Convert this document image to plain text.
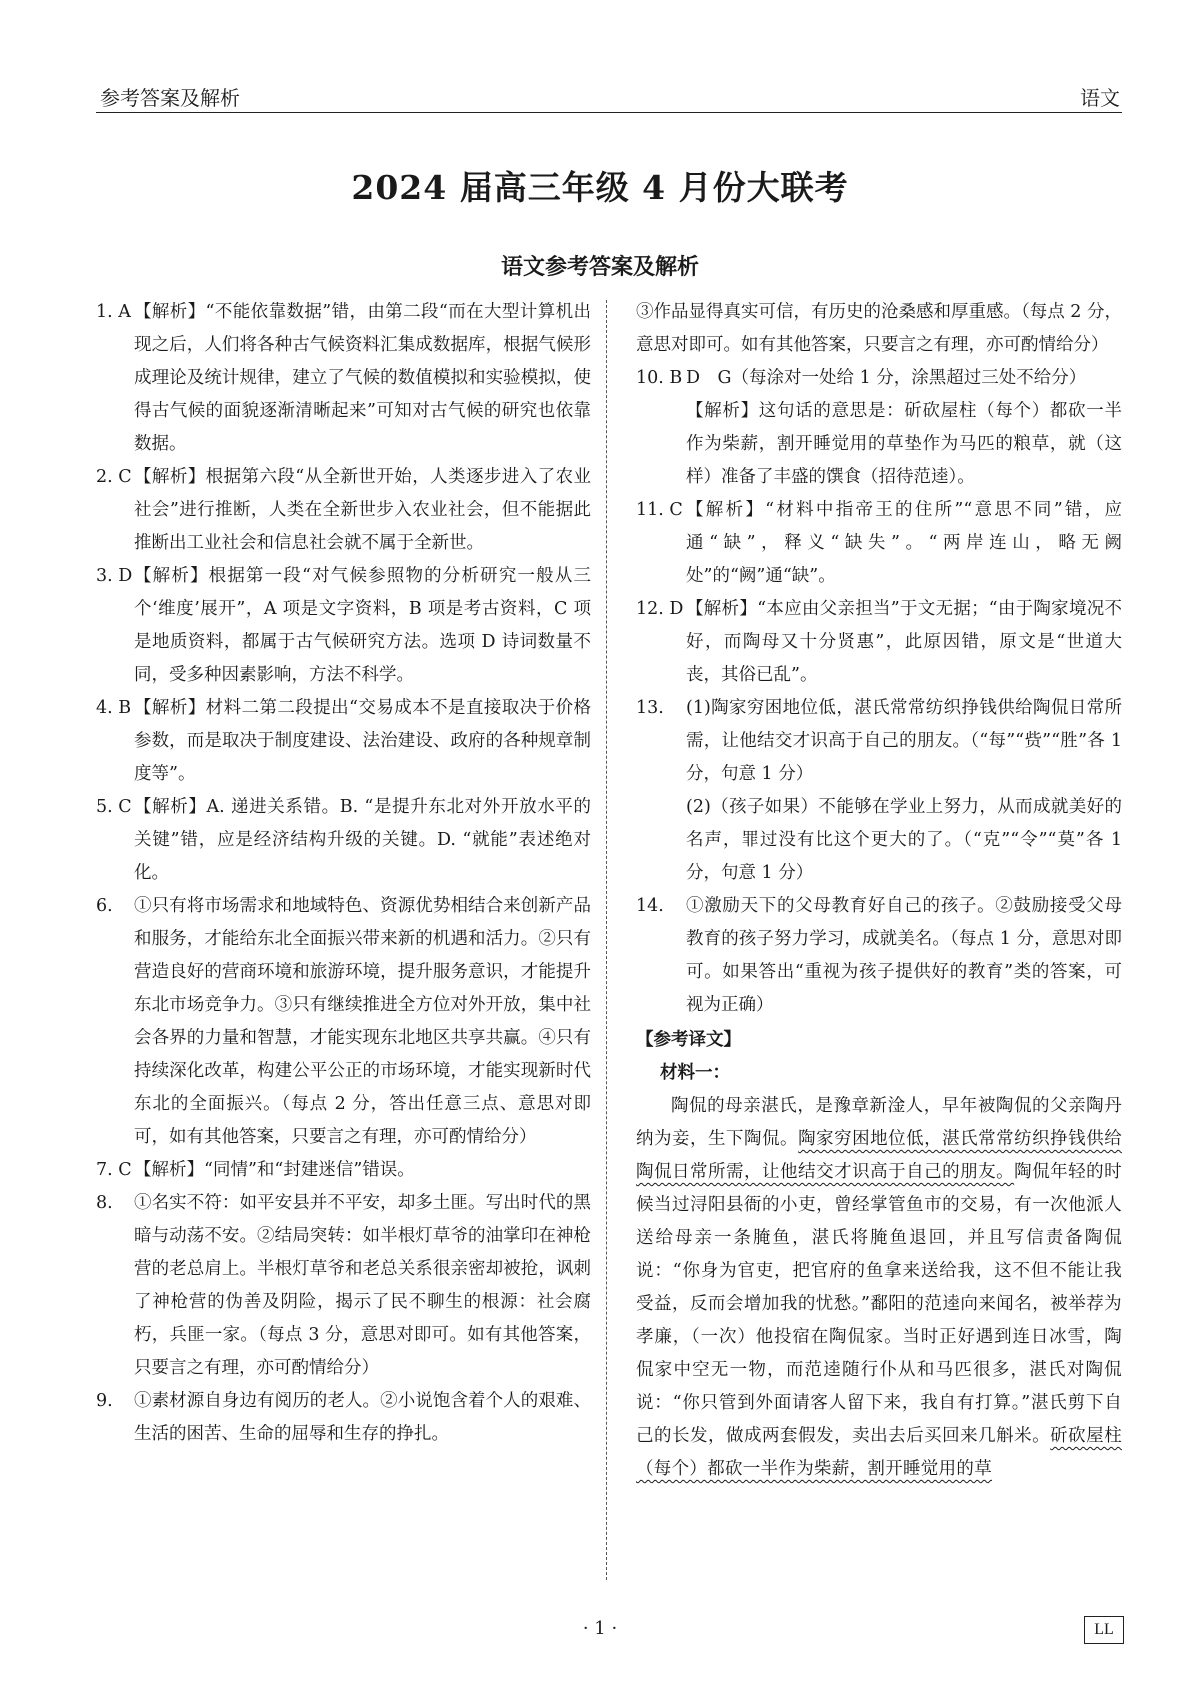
参考答案及解析	语文
2024 届高三年级 4 月份大联考
语文参考答案及解析
1. A 【解析】“不能依靠数据”错，由第二段“而在大型计算机出现之后，人们将各种古气候资料汇集成数据库，根据气候形成理论及统计规律，建立了气候的数值模拟和实验模拟，使得古气候的面貌逐渐清晰起来”可知对古气候的研究也依靠数据。
2. C 【解析】根据第六段“从全新世开始，人类逐步进入了农业社会”进行推断，人类在全新世步入农业社会，但不能据此推断出工业社会和信息社会就不属于全新世。
3. D 【解析】根据第一段“对气候参照物的分析研究一般从三个‘维度’展开”，A 项是文字资料，B 项是考古资料，C 项是地质资料，都属于古气候研究方法。选项 D 诗词数量不同，受多种因素影响，方法不科学。
4. B 【解析】材料二第二段提出“交易成本不是直接取决于价格参数，而是取决于制度建设、法治建设、政府的各种规章制度等”。
5. C 【解析】A. 递进关系错。B. “是提升东北对外开放水平的关键”错，应是经济结构升级的关键。D. “就能”表述绝对化。
6. ①只有将市场需求和地域特色、资源优势相结合来创新产品和服务，才能给东北全面振兴带来新的机遇和活力。②只有营造良好的营商环境和旅游环境，提升服务意识，才能提升东北市场竞争力。③只有继续推进全方位对外开放，集中社会各界的力量和智慧，才能实现东北地区共享共赢。④只有持续深化改革，构建公平公正的市场环境，才能实现新时代东北的全面振兴。（每点 2 分，答出任意三点、意思对即可，如有其他答案，只要言之有理，亦可酌情给分）
7. C 【解析】“同情”和“封建迷信”错误。
8. ①名实不符：如平安县并不平安，却多土匪。写出时代的黑暗与动荡不安。②结局突转：如半根灯草爷的油掌印在神枪营的老总肩上。半根灯草爷和老总关系很亲密却被抢，讽刺了神枪营的伪善及阴险，揭示了民不聊生的根源：社会腐朽，兵匪一家。（每点 3 分，意思对即可。如有其他答案，只要言之有理，亦可酌情给分）
9. ①素材源自身边有阅历的老人。②小说饱含着个人的艰难、生活的困苦、生命的屈辱和生存的挣扎。
③作品显得真实可信，有历史的沧桑感和厚重感。（每点 2 分，意思对即可。如有其他答案，只要言之有理，亦可酌情给分）
10. B D　G（每涂对一处给 1 分，涂黑超过三处不给分）
【解析】这句话的意思是：斫砍屋柱（每个）都砍一半作为柴薪，割开睡觉用的草垫作为马匹的粮草，就（这样）准备了丰盛的馔食（招待范逵）。
11. C 【解析】“材料中指帝王的住所”“意思不同”错，应通“缺”，释义“缺失”。“两岸连山，略无阙处”的“阙”通“缺”。
12. D 【解析】“本应由父亲担当”于文无据；“由于陶家境况不好，而陶母又十分贤惠”，此原因错，原文是“世道大丧，其俗已乱”。
13. (1)陶家穷困地位低，湛氏常常纺织挣钱供给陶侃日常所需，让他结交才识高于自己的朋友。（“每”“赀”“胜”各 1 分，句意 1 分）
(2)（孩子如果）不能够在学业上努力，从而成就美好的名声，罪过没有比这个更大的了。（“克”“令”“莫”各 1 分，句意 1 分）
14. ①激励天下的父母教育好自己的孩子。②鼓励接受父母教育的孩子努力学习，成就美名。（每点 1 分，意思对即可。如果答出“重视为孩子提供好的教育”类的答案，可视为正确）
【参考译文】
材料一：
陶侃的母亲湛氏，是豫章新淦人，早年被陶侃的父亲陶丹纳为妾，生下陶侃。陶家穷困地位低，湛氏常常纺织挣钱供给陶侃日常所需，让他结交才识高于自己的朋友。陶侃年轻的时候当过浔阳县衙的小吏，曾经掌管鱼市的交易，有一次他派人送给母亲一条腌鱼，湛氏将腌鱼退回，并且写信责备陶侃说：“你身为官吏，把官府的鱼拿来送给我，这不但不能让我受益，反而会增加我的忧愁。”鄱阳的范逵向来闻名，被举荐为孝廉，（一次）他投宿在陶侃家。当时正好遇到连日冰雪，陶侃家中空无一物，而范逵随行仆从和马匹很多，湛氏对陶侃说：“你只管到外面请客人留下来，我自有打算。”湛氏剪下自己的长发，做成两套假发，卖出去后买回来几斛米。斫砍屋柱（每个）都砍一半作为柴薪，割开睡觉用的草
· 1 ·	LL
